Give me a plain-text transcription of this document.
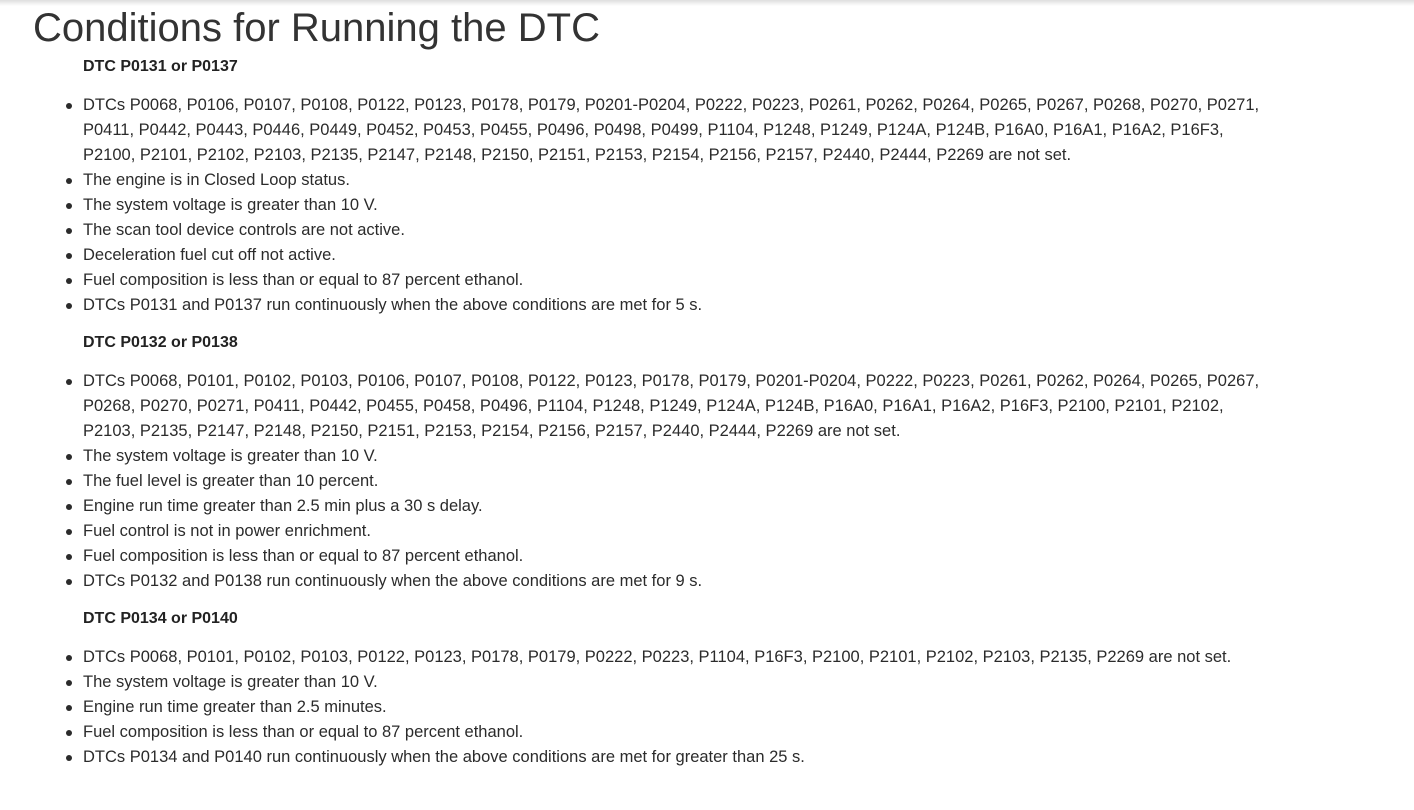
Conditions for Running the DTC
DTC P0131 or P0137
DTCs P0068, P0106, P0107, P0108, P0122, P0123, P0178, P0179, P0201-P0204, P0222, P0223, P0261, P0262, P0264, P0265, P0267, P0268, P0270, P0271, P0411, P0442, P0443, P0446, P0449, P0452, P0453, P0455, P0496, P0498, P0499, P1104, P1248, P1249, P124A, P124B, P16A0, P16A1, P16A2, P16F3, P2100, P2101, P2102, P2103, P2135, P2147, P2148, P2150, P2151, P2153, P2154, P2156, P2157, P2440, P2444, P2269 are not set.
The engine is in Closed Loop status.
The system voltage is greater than 10 V.
The scan tool device controls are not active.
Deceleration fuel cut off not active.
Fuel composition is less than or equal to 87 percent ethanol.
DTCs P0131 and P0137 run continuously when the above conditions are met for 5 s.
DTC P0132 or P0138
DTCs P0068, P0101, P0102, P0103, P0106, P0107, P0108, P0122, P0123, P0178, P0179, P0201-P0204, P0222, P0223, P0261, P0262, P0264, P0265, P0267, P0268, P0270, P0271, P0411, P0442, P0455, P0458, P0496, P1104, P1248, P1249, P124A, P124B, P16A0, P16A1, P16A2, P16F3, P2100, P2101, P2102, P2103, P2135, P2147, P2148, P2150, P2151, P2153, P2154, P2156, P2157, P2440, P2444, P2269 are not set.
The system voltage is greater than 10 V.
The fuel level is greater than 10 percent.
Engine run time greater than 2.5 min plus a 30 s delay.
Fuel control is not in power enrichment.
Fuel composition is less than or equal to 87 percent ethanol.
DTCs P0132 and P0138 run continuously when the above conditions are met for 9 s.
DTC P0134 or P0140
DTCs P0068, P0101, P0102, P0103, P0122, P0123, P0178, P0179, P0222, P0223, P1104, P16F3, P2100, P2101, P2102, P2103, P2135, P2269 are not set.
The system voltage is greater than 10 V.
Engine run time greater than 2.5 minutes.
Fuel composition is less than or equal to 87 percent ethanol.
DTCs P0134 and P0140 run continuously when the above conditions are met for greater than 25 s.
